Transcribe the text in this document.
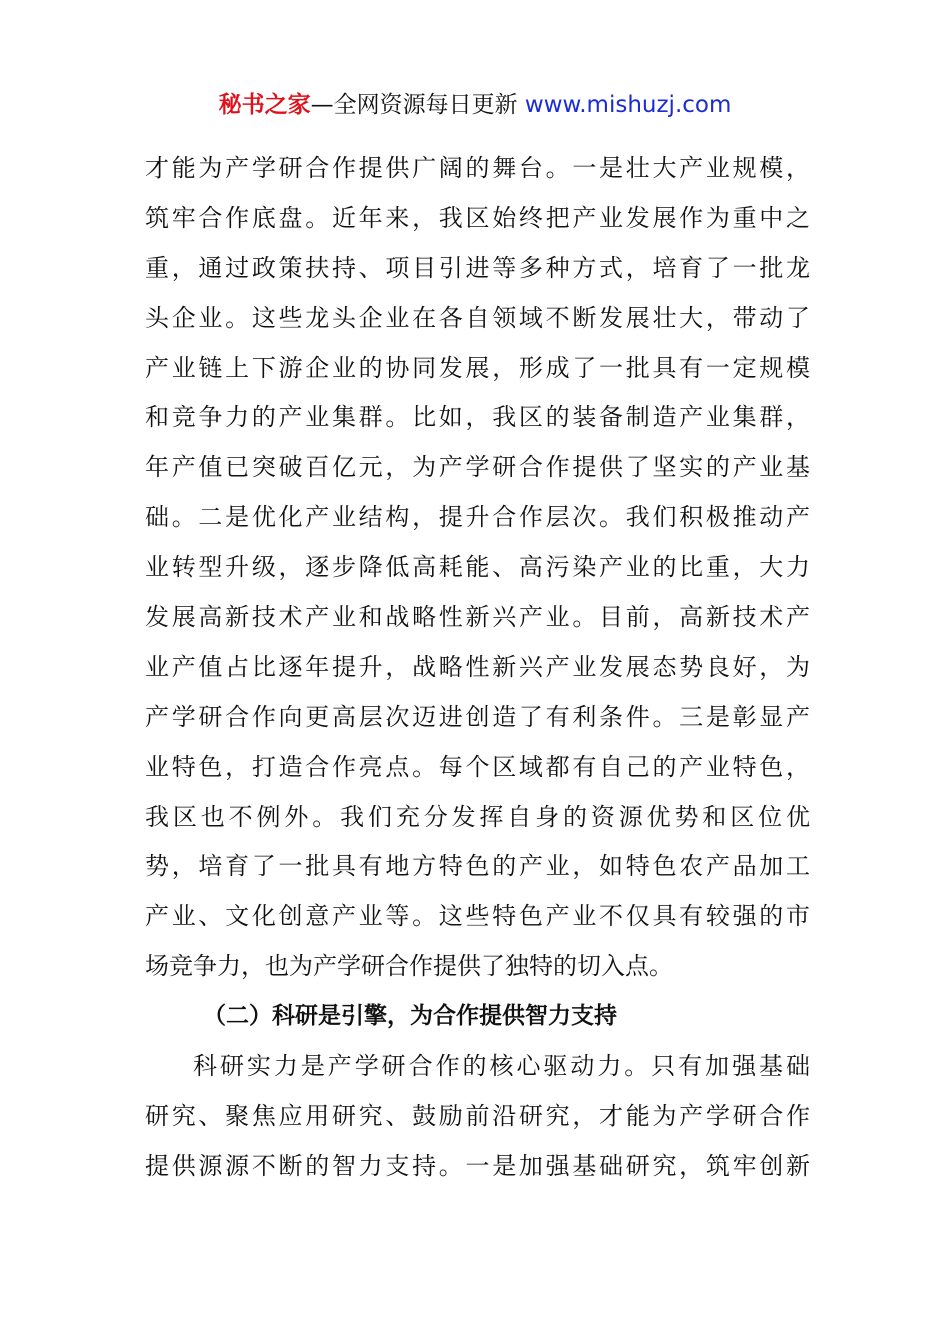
秘书之家—全网资源每日更新 www.mishuzj.com
才能为产学研合作提供广阔的舞台。一是壮大产业规模，
筑牢合作底盘。近年来，我区始终把产业发展作为重中之
重，通过政策扶持、项目引进等多种方式，培育了一批龙
头企业。这些龙头企业在各自领域不断发展壮大，带动了
产业链上下游企业的协同发展，形成了一批具有一定规模
和竞争力的产业集群。比如，我区的装备制造产业集群，
年产值已突破百亿元，为产学研合作提供了坚实的产业基
础。二是优化产业结构，提升合作层次。我们积极推动产
业转型升级，逐步降低高耗能、高污染产业的比重，大力
发展高新技术产业和战略性新兴产业。目前，高新技术产
业产值占比逐年提升，战略性新兴产业发展态势良好，为
产学研合作向更高层次迈进创造了有利条件。三是彰显产
业特色，打造合作亮点。每个区域都有自己的产业特色，
我区也不例外。我们充分发挥自身的资源优势和区位优
势，培育了一批具有地方特色的产业，如特色农产品加工
产业、文化创意产业等。这些特色产业不仅具有较强的市
场竞争力，也为产学研合作提供了独特的切入点。
（二）科研是引擎，为合作提供智力支持
科研实力是产学研合作的核心驱动力。只有加强基础
研究、聚焦应用研究、鼓励前沿研究，才能为产学研合作
提供源源不断的智力支持。一是加强基础研究，筑牢创新
